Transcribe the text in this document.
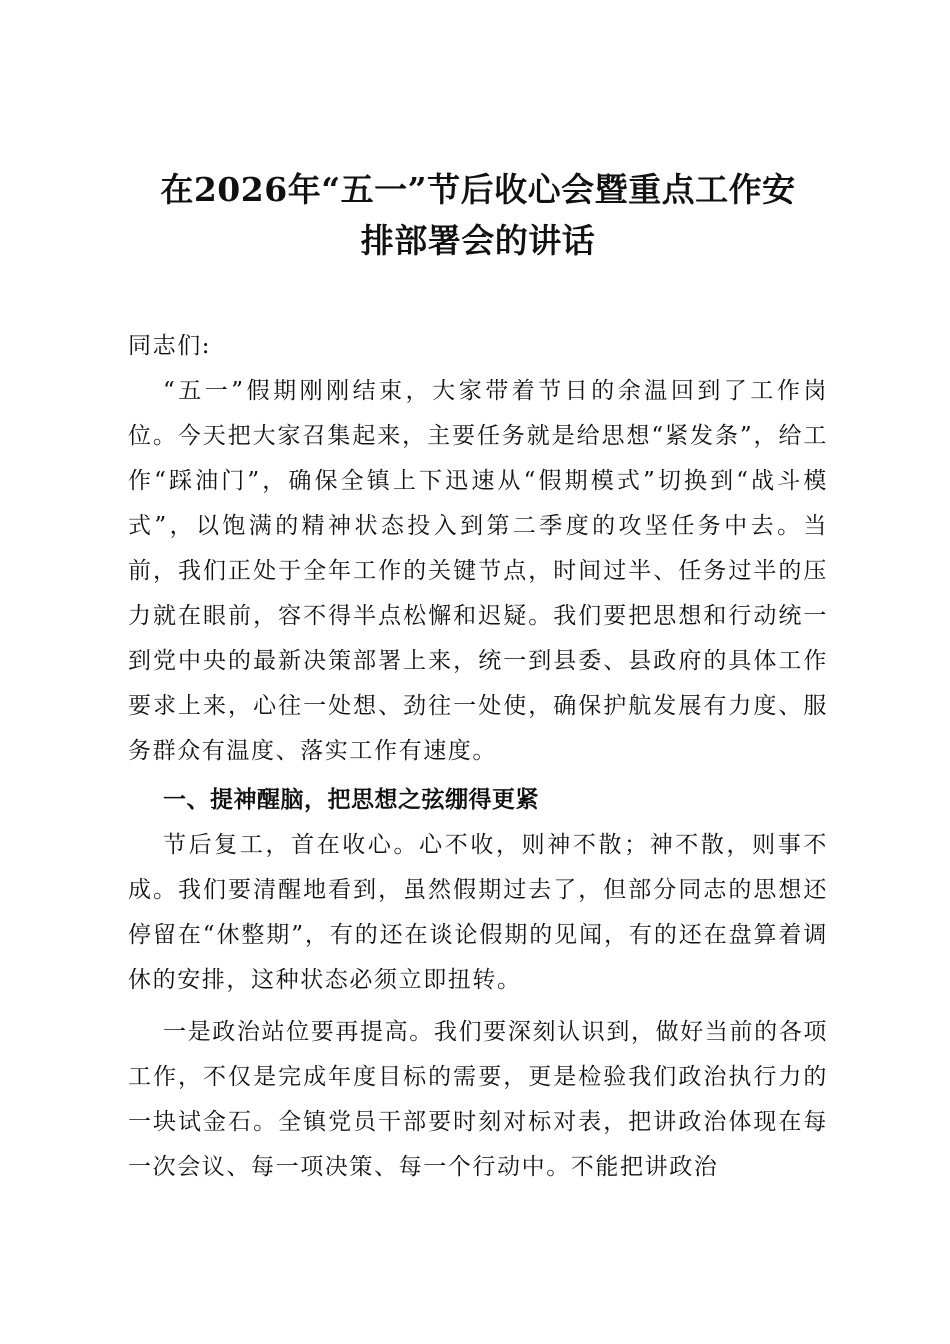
在2026年“五一”节后收心会暨重点工作安
排部署会的讲话

同志们:

“五一”假期刚刚结束，大家带着节日的余温回到了工作岗位。今天把大家召集起来，主要任务就是给思想“紧发条”，给工作“踩油门”，确保全镇上下迅速从“假期模式”切换到“战斗模式”，以饱满的精神状态投入到第二季度的攻坚任务中去。当前，我们正处于全年工作的关键节点，时间过半、任务过半的压力就在眼前，容不得半点松懈和迟疑。我们要把思想和行动统一到党中央的最新决策部署上来，统一到县委、县政府的具体工作要求上来，心往一处想、劲往一处使，确保护航发展有力度、服务群众有温度、落实工作有速度。

一、提神醒脑，把思想之弦绷得更紧

节后复工，首在收心。心不收，则神不散；神不散，则事不成。我们要清醒地看到，虽然假期过去了，但部分同志的思想还停留在“休整期”，有的还在谈论假期的见闻，有的还在盘算着调休的安排，这种状态必须立即扭转。

一是政治站位要再提高。我们要深刻认识到，做好当前的各项工作，不仅是完成年度目标的需要，更是检验我们政治执行力的一块试金石。全镇党员干部要时刻对标对表，把讲政治体现在每一次会议、每一项决策、每一个行动中。不能把讲政治
